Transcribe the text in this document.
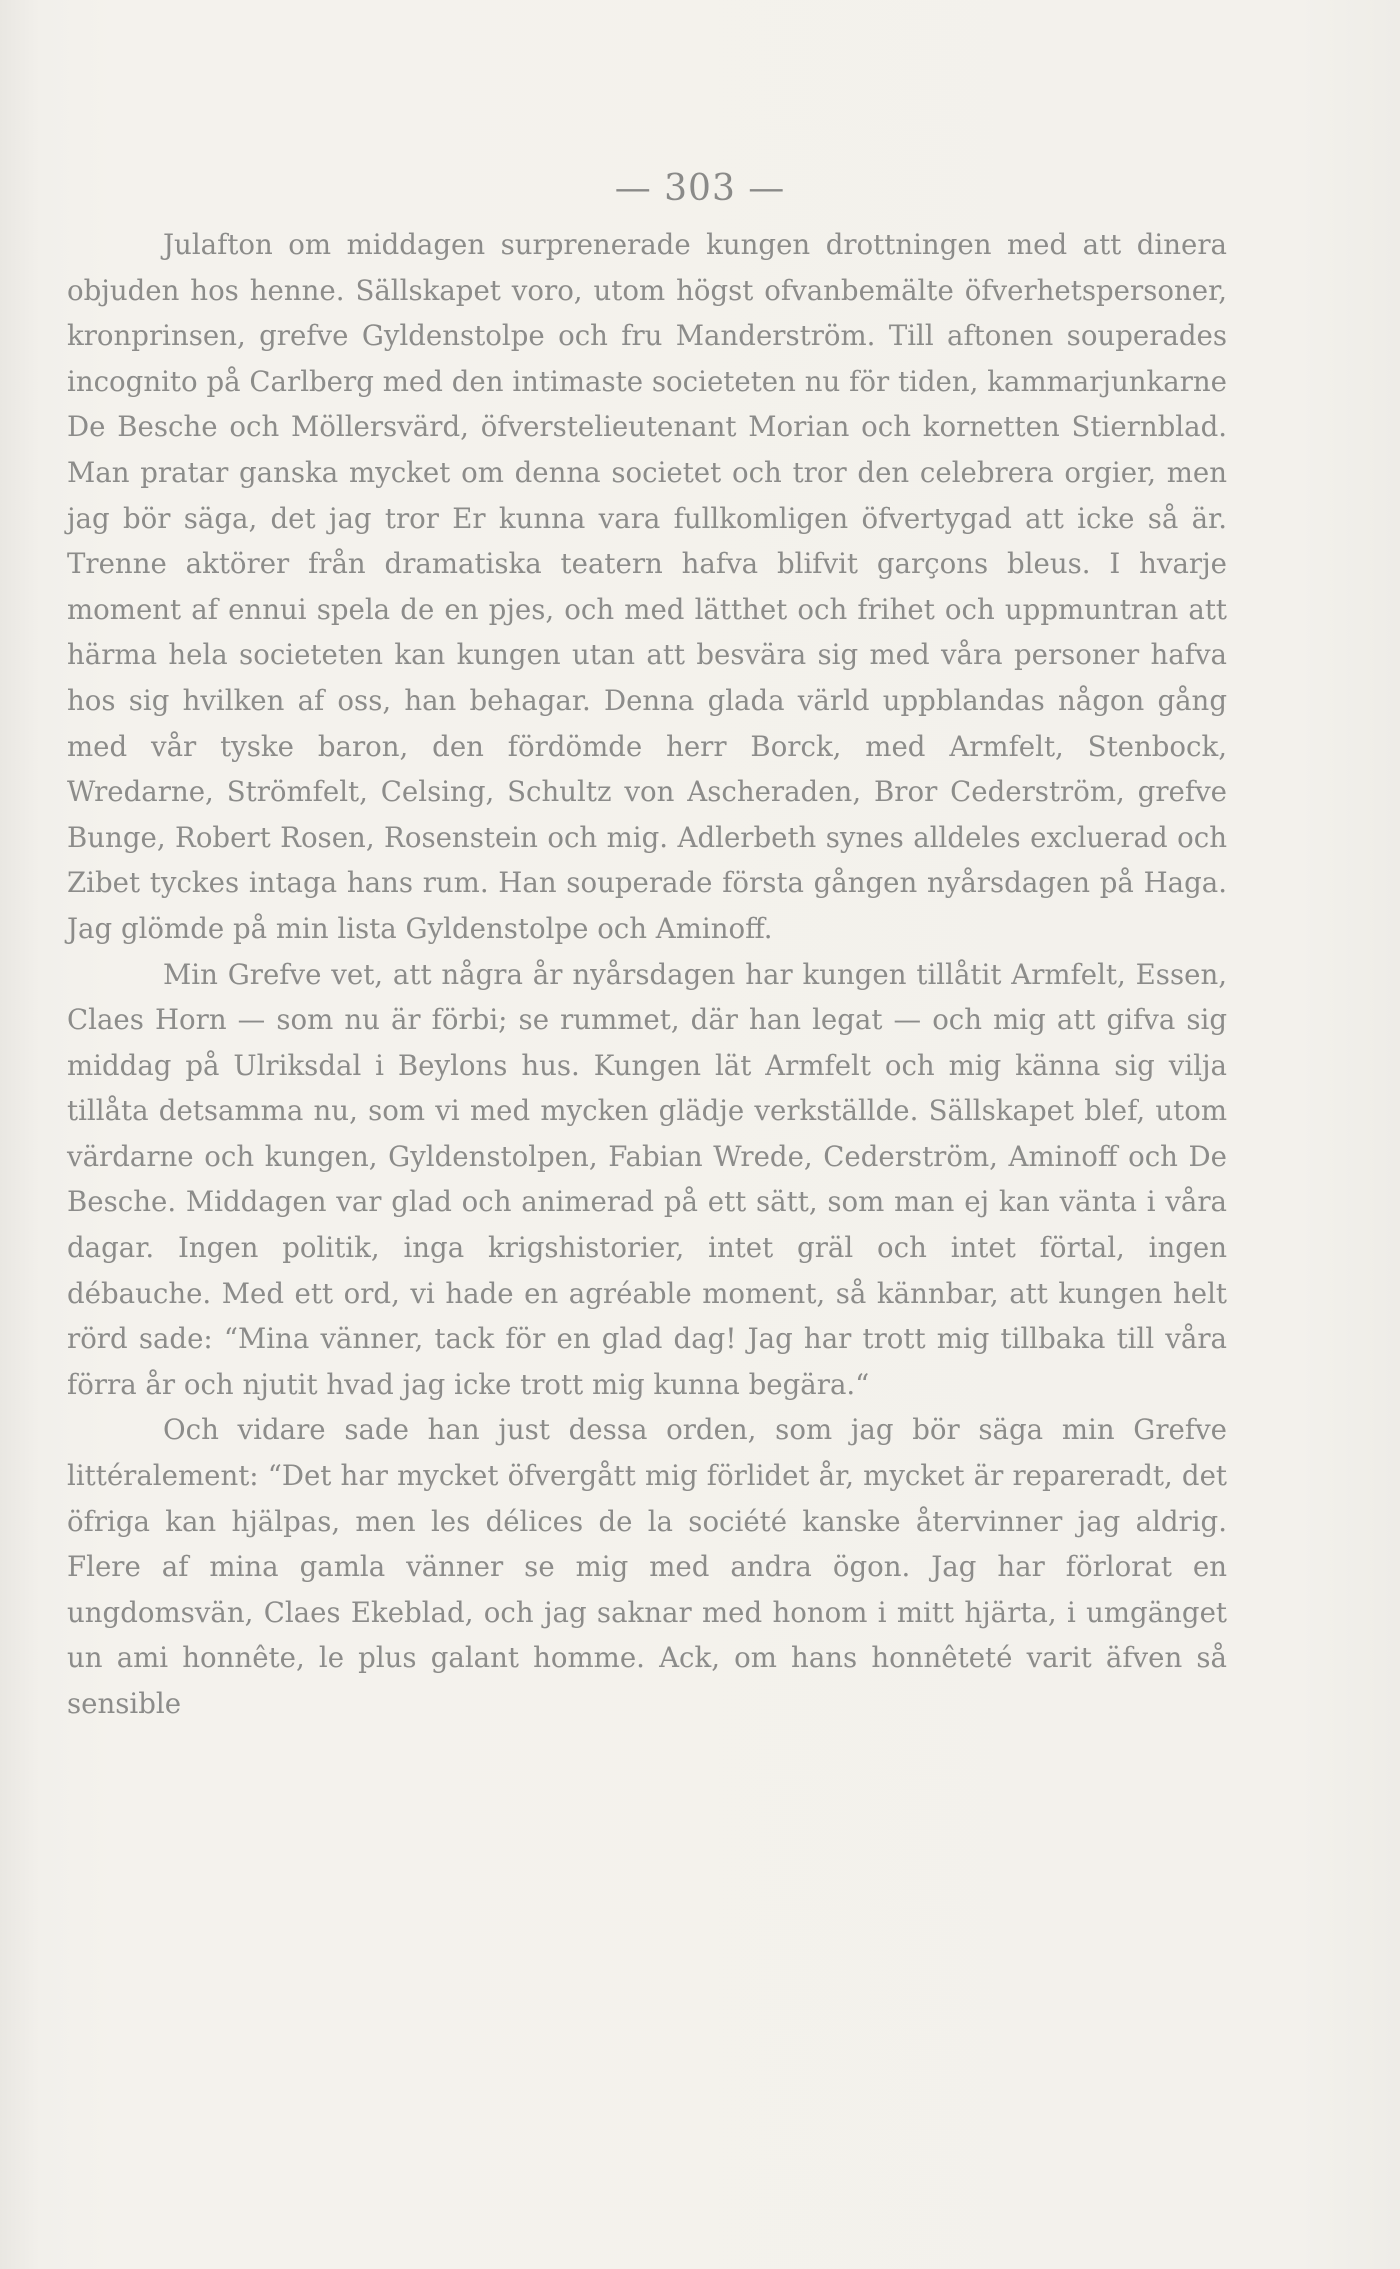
— 303 —

Julafton om middagen surprenerade kungen drottningen med att dinera objuden hos henne. Sällskapet voro, utom högst ofvanbemälte öfverhetspersoner, kronprinsen, grefve Gyldenstolpe och fru Manderström. Till aftonen souperades incognito på Carlberg med den intimaste societeten nu för tiden, kammarjunkarne De Besche och Möllersvärd, öfverstelieutenant Morian och kornetten Stiernblad. Man pratar ganska mycket om denna societet och tror den celebrera orgier, men jag bör säga, det jag tror Er kunna vara fullkomligen öfvertygad att icke så är. Trenne aktörer från dramatiska teatern hafva blifvit garçons bleus. I hvarje moment af ennui spela de en pjes, och med lätthet och frihet och uppmuntran att härma hela societeten kan kungen utan att besvära sig med våra personer hafva hos sig hvilken af oss, han behagar. Denna glada värld uppblandas någon gång med vår tyske baron, den fördömde herr Borck, med Armfelt, Stenbock, Wredarne, Strömfelt, Celsing, Schultz von Ascheraden, Bror Cederström, grefve Bunge, Robert Rosen, Rosenstein och mig. Adlerbeth synes alldeles excluerad och Zibet tyckes intaga hans rum. Han souperade första gången nyårsdagen på Haga. Jag glömde på min lista Gyldenstolpe och Aminoff.

Min Grefve vet, att några år nyårsdagen har kungen tillåtit Armfelt, Essen, Claes Horn — som nu är förbi; se rummet, där han legat — och mig att gifva sig middag på Ulriksdal i Beylons hus. Kungen lät Armfelt och mig känna sig vilja tillåta detsamma nu, som vi med mycken glädje verkställde. Sällskapet blef, utom värdarne och kungen, Gyldenstolpen, Fabian Wrede, Cederström, Aminoff och De Besche. Middagen var glad och animerad på ett sätt, som man ej kan vänta i våra dagar. Ingen politik, inga krigshistorier, intet gräl och intet förtal, ingen débauche. Med ett ord, vi hade en agréable moment, så kännbar, att kungen helt rörd sade: “Mina vänner, tack för en glad dag! Jag har trott mig tillbaka till våra förra år och njutit hvad jag icke trott mig kunna begära.“

Och vidare sade han just dessa orden, som jag bör säga min Grefve littéralement: “Det har mycket öfvergått mig förlidet år, mycket är repareradt, det öfriga kan hjälpas, men les délices de la société kanske återvinner jag aldrig. Flere af mina gamla vänner se mig med andra ögon. Jag har förlorat en ungdomsvän, Claes Ekeblad, och jag saknar med honom i mitt hjärta, i umgänget un ami honnête, le plus galant homme. Ack, om hans honnêteté varit äfven så sensible
